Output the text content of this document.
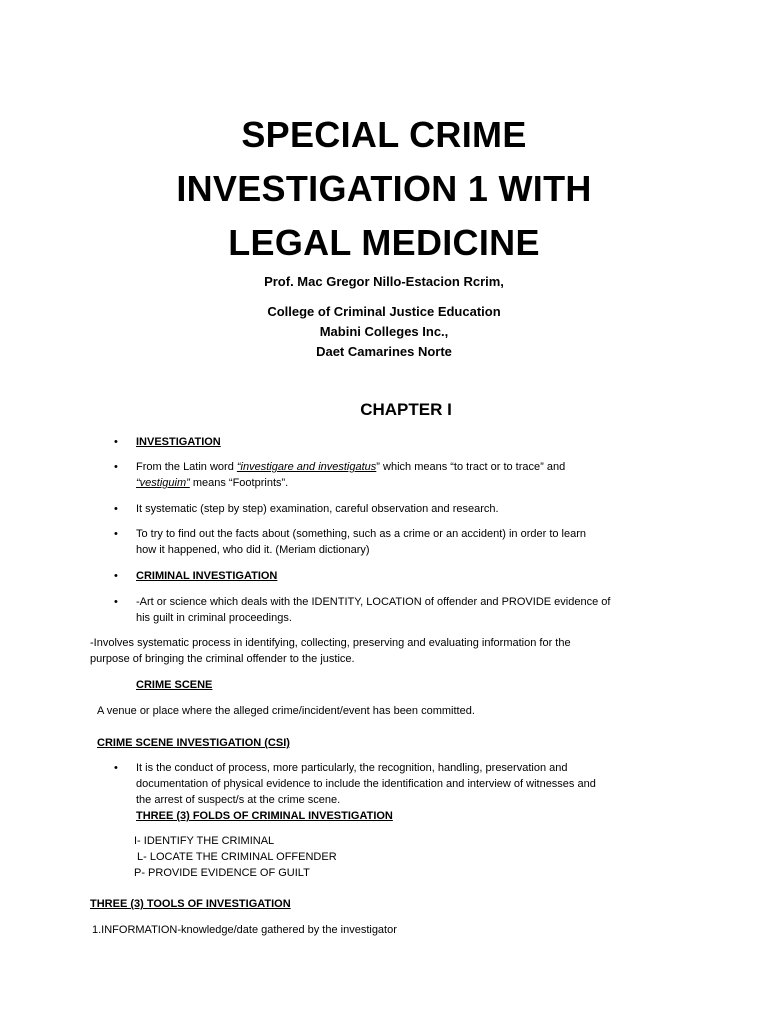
SPECIAL CRIME
INVESTIGATION 1 WITH
LEGAL MEDICINE
Prof. Mac Gregor Nillo-Estacion Rcrim,
College of Criminal Justice Education
Mabini Colleges Inc.,
Daet Camarines Norte
CHAPTER I
• INVESTIGATION
• From the Latin word “investigare and investigatus” which means “to tract or to trace” and
“vestiguim” means “Footprints”.
• It systematic (step by step) examination, careful observation and research.
• To try to find out the facts about (something, such as a crime or an accident) in order to learn
how it happened, who did it. (Meriam dictionary)
• CRIMINAL INVESTIGATION
• -Art or science which deals with the IDENTITY, LOCATION of offender and PROVIDE evidence of
his guilt in criminal proceedings.
-Involves systematic process in identifying, collecting, preserving and evaluating information for the
purpose of bringing the criminal offender to the justice.
CRIME SCENE
A venue or place where the alleged crime/incident/event has been committed.
CRIME SCENE INVESTIGATION (CSI)
• It is the conduct of process, more particularly, the recognition, handling, preservation and
documentation of physical evidence to include the identification and interview of witnesses and
the arrest of suspect/s at the crime scene.
THREE (3) FOLDS OF CRIMINAL INVESTIGATION
I- IDENTIFY THE CRIMINAL
L- LOCATE THE CRIMINAL OFFENDER
P- PROVIDE EVIDENCE OF GUILT
THREE (3) TOOLS OF INVESTIGATION
1.INFORMATION-knowledge/date gathered by the investigator
